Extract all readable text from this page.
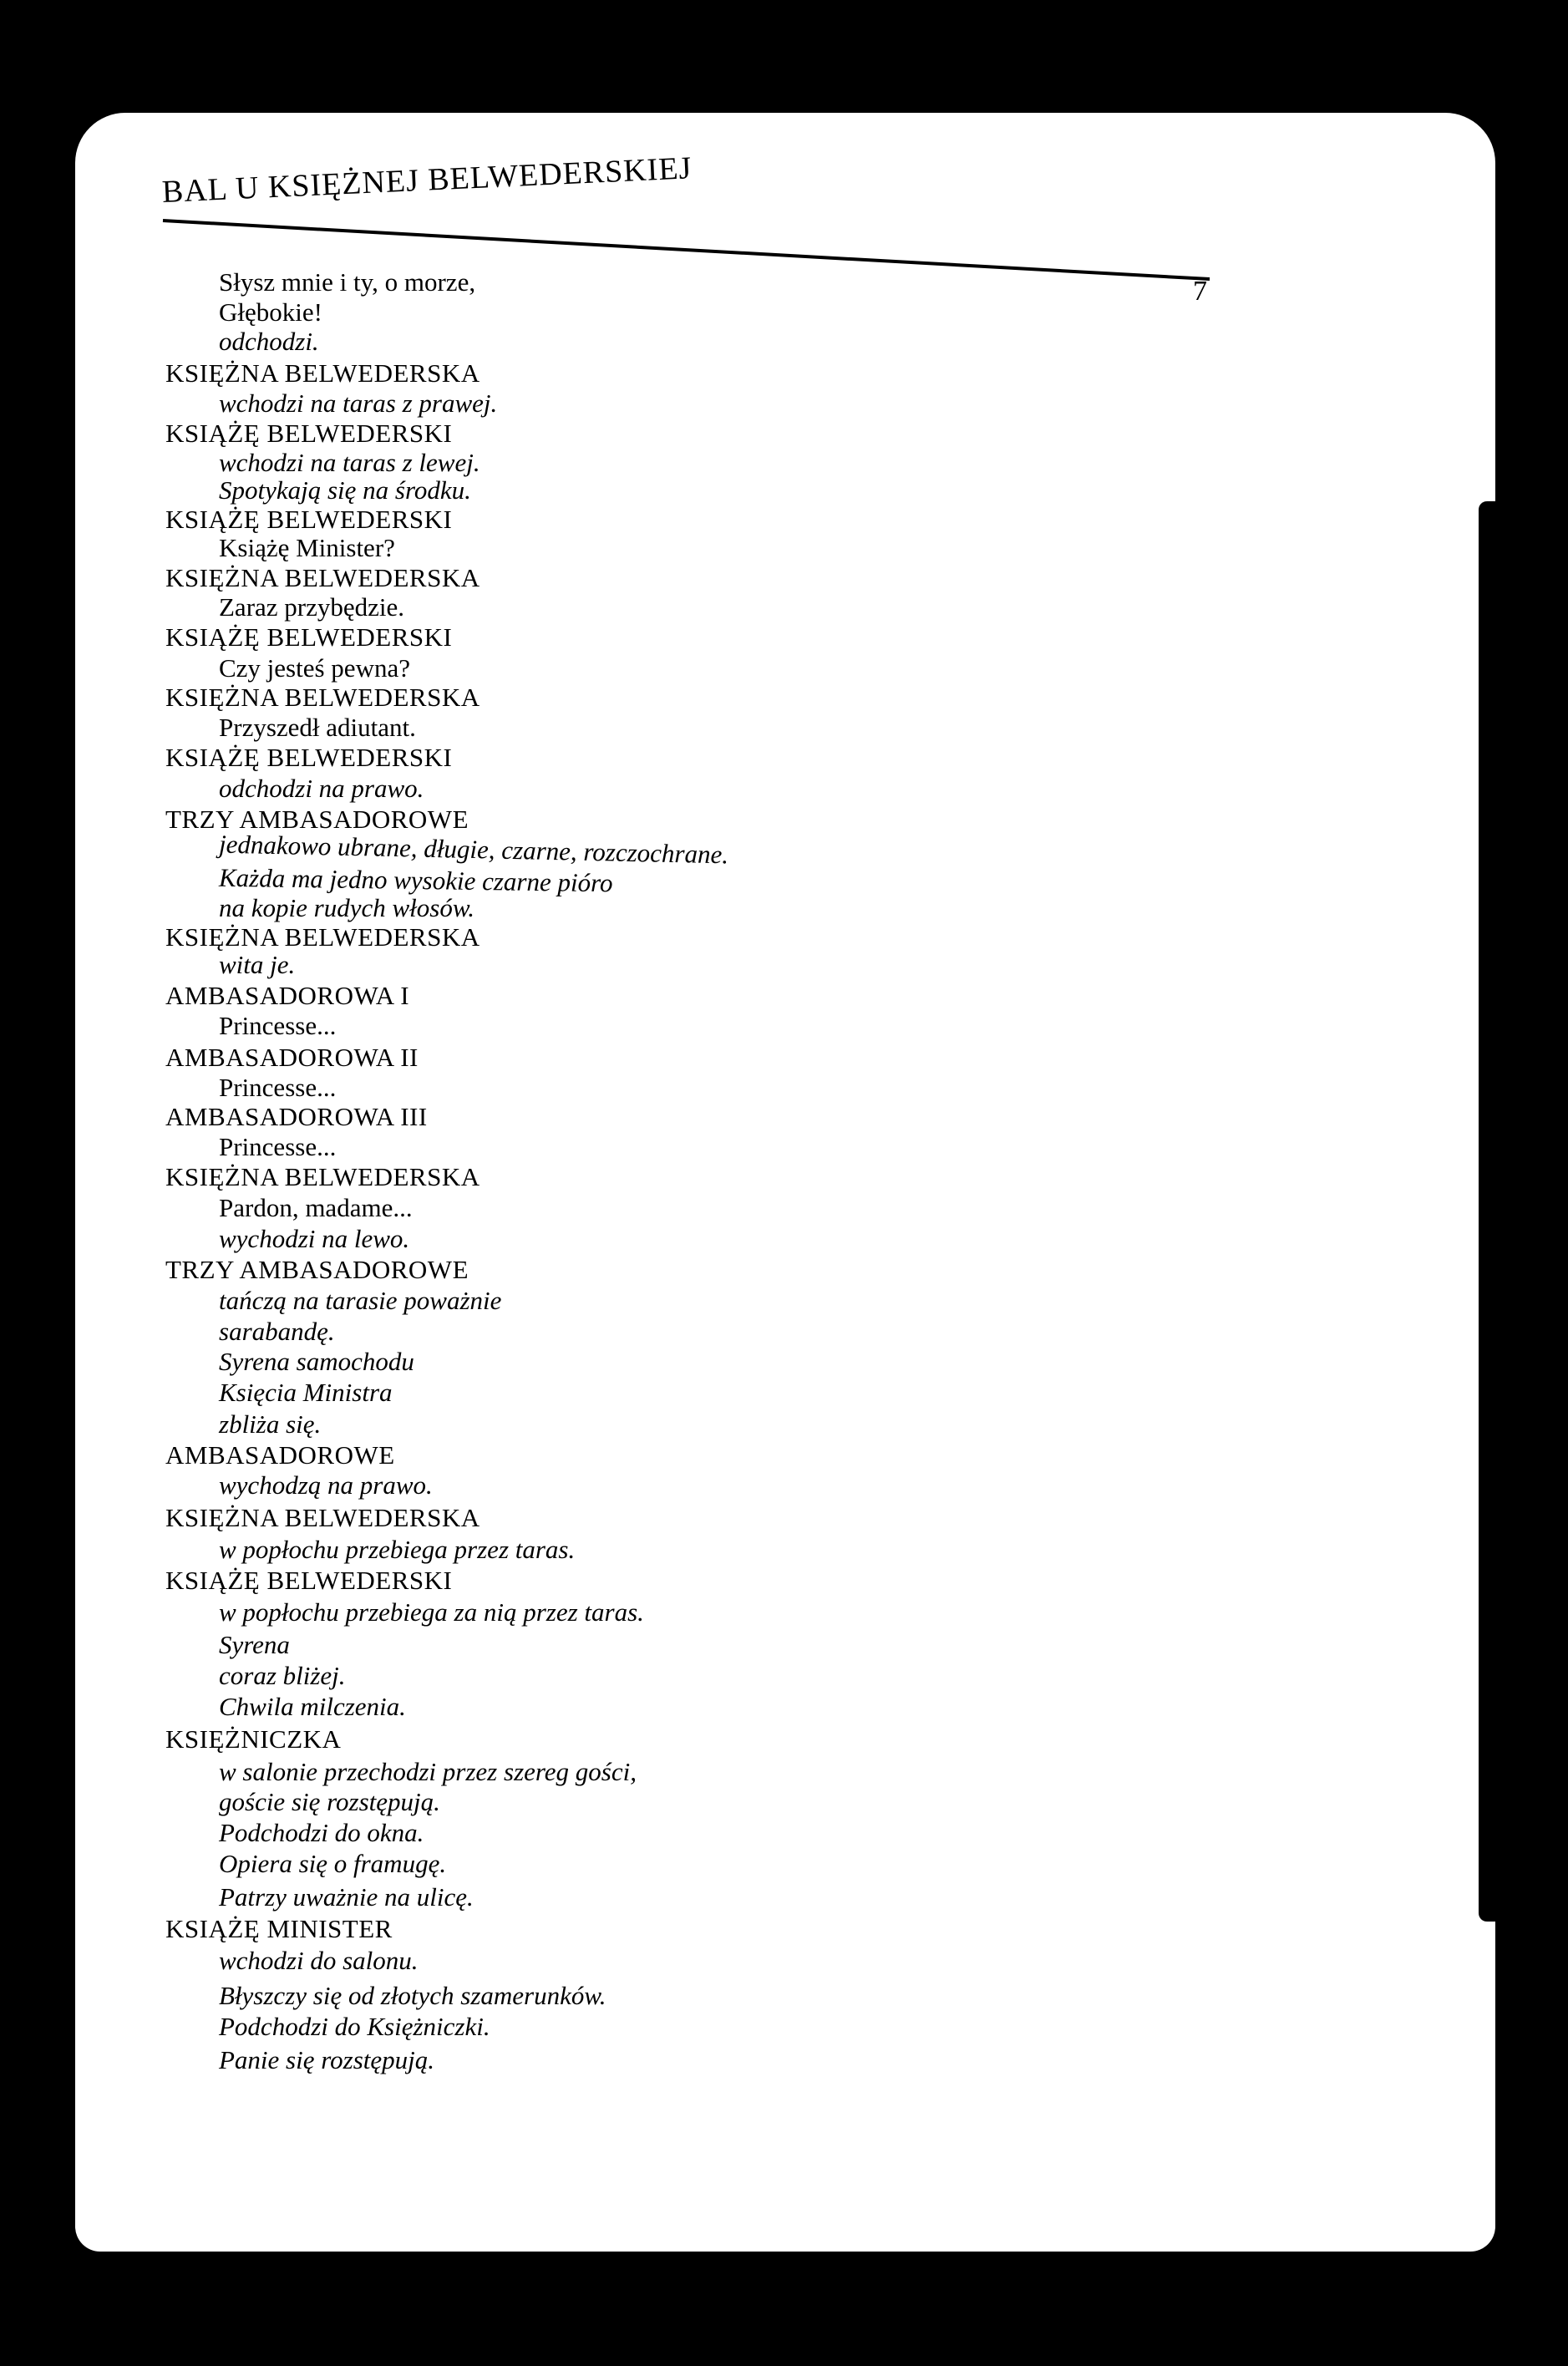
BAL U KSIĘŻNEJ BELWEDERSKIEJ
7
Słysz mnie i ty, o morze,
Głębokie!
odchodzi.
KSIĘŻNA BELWEDERSKA
wchodzi na taras z prawej.
KSIĄŻĘ BELWEDERSKI
wchodzi na taras z lewej.
Spotykają się na środku.
KSIĄŻĘ BELWEDERSKI
Książę Minister?
KSIĘŻNA BELWEDERSKA
Zaraz przybędzie.
KSIĄŻĘ BELWEDERSKI
Czy jesteś pewna?
KSIĘŻNA BELWEDERSKA
Przyszedł adiutant.
KSIĄŻĘ BELWEDERSKI
odchodzi na prawo.
TRZY AMBASADOROWE
jednakowo ubrane, długie, czarne, rozczochrane.
Każda ma jedno wysokie czarne pióro
na kopie rudych włosów.
KSIĘŻNA BELWEDERSKA
wita je.
AMBASADOROWA I
Princesse...
AMBASADOROWA II
Princesse...
AMBASADOROWA III
Princesse...
KSIĘŻNA BELWEDERSKA
Pardon, madame...
wychodzi na lewo.
TRZY AMBASADOROWE
tańczą na tarasie poważnie
sarabandę.
Syrena samochodu
Księcia Ministra
zbliża się.
AMBASADOROWE
wychodzą na prawo.
KSIĘŻNA BELWEDERSKA
w popłochu przebiega przez taras.
KSIĄŻĘ BELWEDERSKI
w popłochu przebiega za nią przez taras.
Syrena
coraz bliżej.
Chwila milczenia.
KSIĘŻNICZKA
w salonie przechodzi przez szereg gości,
goście się rozstępują.
Podchodzi do okna.
Opiera się o framugę.
Patrzy uważnie na ulicę.
KSIĄŻĘ MINISTER
wchodzi do salonu.
Błyszczy się od złotych szamerunków.
Podchodzi do Księżniczki.
Panie się rozstępują.
